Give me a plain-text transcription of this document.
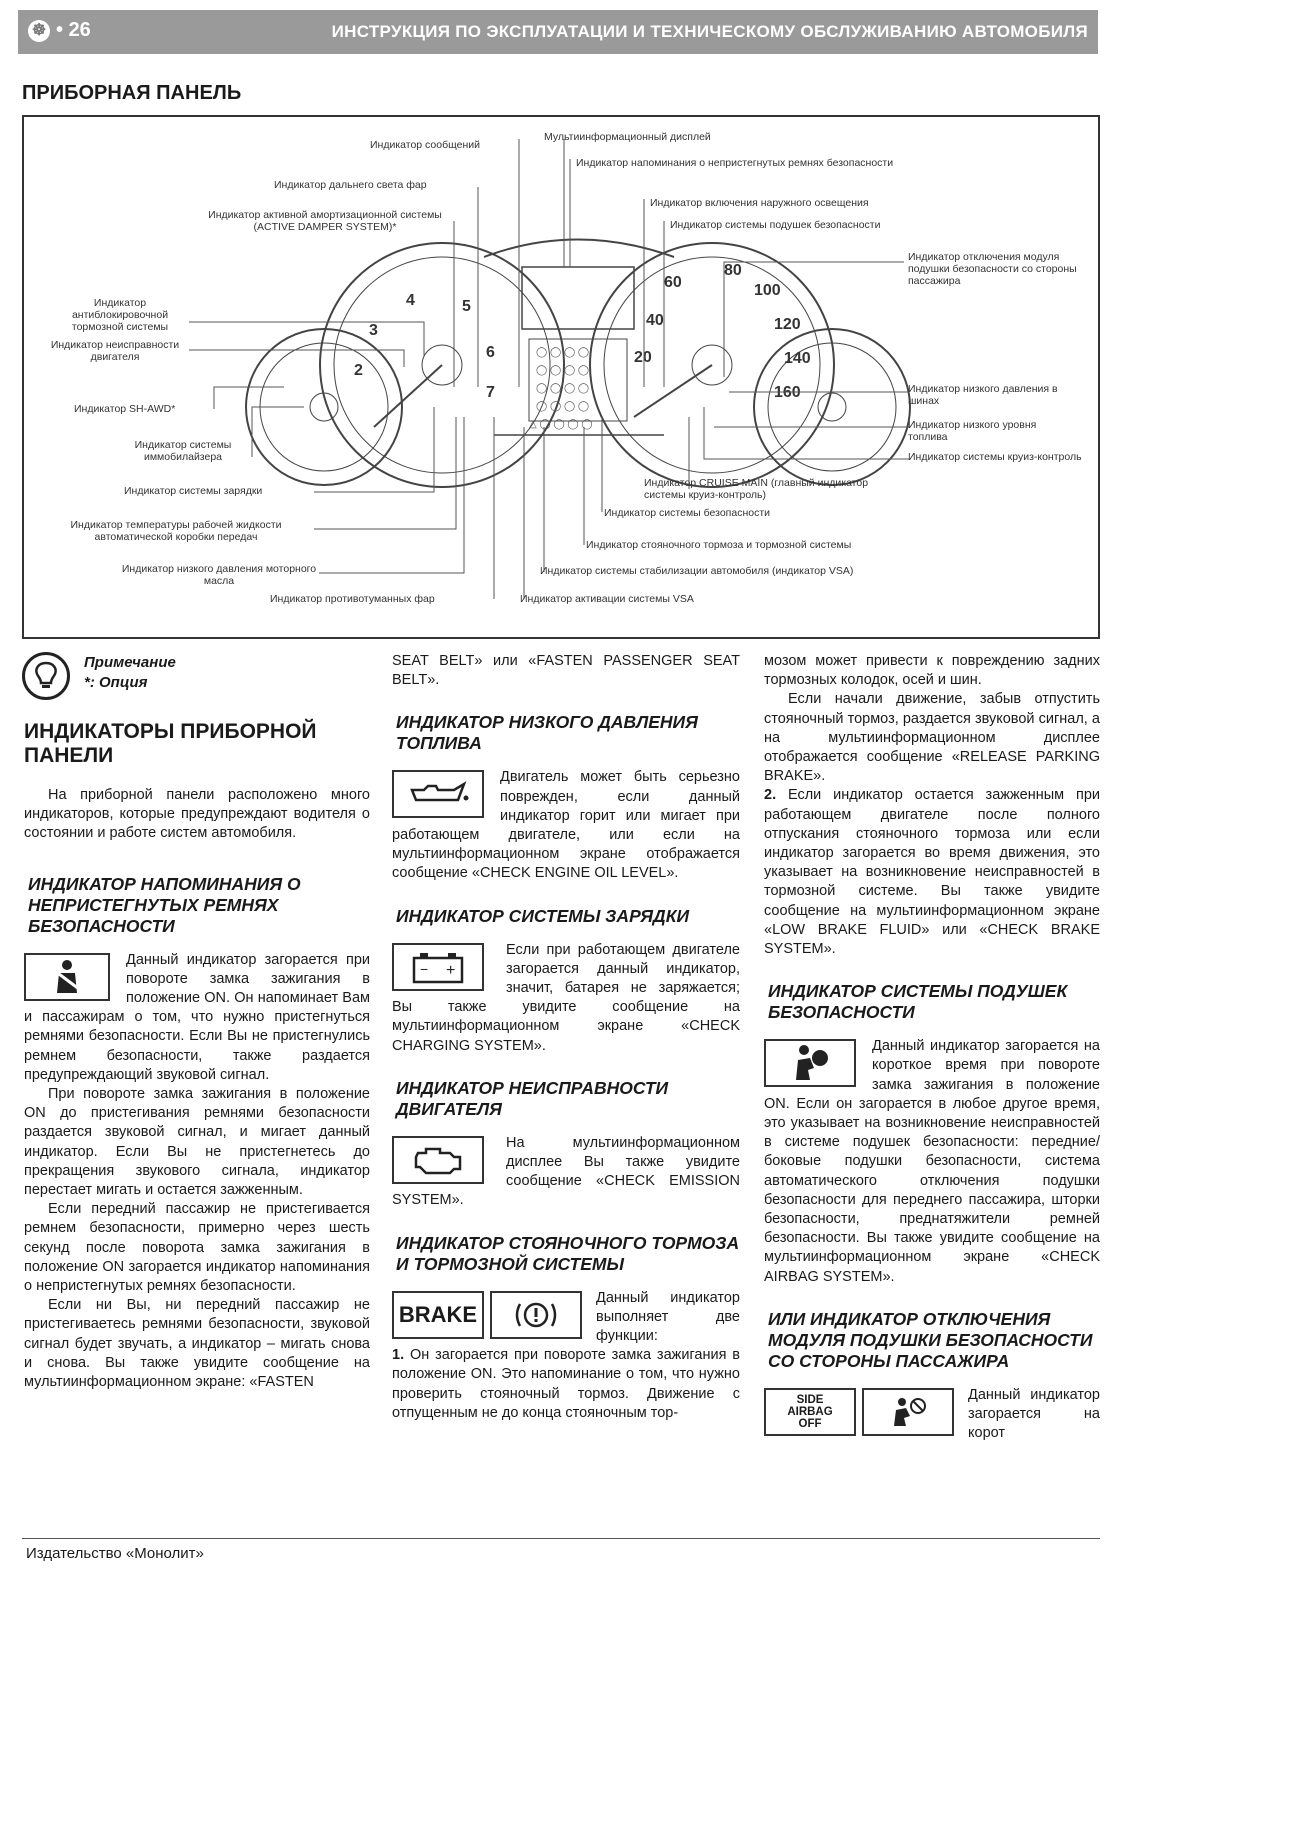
☸ • 26	ИНСТРУКЦИЯ ПО ЭКСПЛУАТАЦИИ И ТЕХНИЧЕСКОМУ ОБСЛУЖИВАНИЮ АВТОМОБИЛЯ
ПРИБОРНАЯ ПАНЕЛЬ
4	5
6
7
3
2
40
60
80
100
120
140
160
20
◯ ◯ ◯ ◯
◯ ◯ ◯ ◯
◯ ◯ ◯ ◯
◯ ◯ ◯ ◯
△ ◯ ◯ ◯ ◯
Индикатор сообщений
Мультиинформационный дисплей
Индикатор напоминания о непристегнутых ремнях безопасности
Индикатор дальнего света фар
Индикатор включения наружного освещения
Индикатор активной амортизационной системы (ACTIVE DAMPER SYSTEM)*	Индикатор системы подушек безопасности
Индикатор отключения модуля подушки безопасности со стороны пассажира
Индикатор антиблокировочной тормозной системы
Индикатор неисправности двигателя
Индикатор SH-AWD*
Индикатор системы иммобилайзера
Индикатор системы зарядки
Индикатор температуры рабочей жидкости автоматической коробки передач
Индикатор низкого давления моторного масла
Индикатор противотуманных фар
Индикатор низкого давления в шинах
Индикатор низкого уровня топлива
Индикатор системы круиз-контроль
Индикатор CRUISE MAIN (главный индикатор системы круиз-контроль)
Индикатор системы безопасности
Индикатор стояночного тормоза и тормозной системы
Индикатор системы стабилизации автомобиля (индикатор VSA)
Индикатор активации системы VSA
Примечание
*: Опция
ИНДИКАТОРЫ ПРИБОРНОЙ ПАНЕЛИ

На приборной панели расположено много индикаторов, которые предупреждают водителя о состоянии и работе систем автомобиля.

ИНДИКАТОР НАПОМИНАНИЯ О НЕПРИСТЕГНУТЫХ РЕМНЯХ БЕЗОПАСНОСТИ

Данный индикатор загорается при повороте замка зажигания в положение ON. Он напоминает Вам и пассажирам о том, что нужно пристегнуться ремнями безопасности. Если Вы не пристегнулись ремнем безопасности, также раздается предупреждающий звуковой сигнал.

При повороте замка зажигания в положение ON до пристегивания ремнями безопасности раздается звуковой сигнал, и мигает данный индикатор. Если Вы не пристегнетесь до прекращения звукового сигнала, индикатор перестает мигать и остается зажженным.

Если передний пассажир не пристегивается ремнем безопасности, примерно через шесть секунд после поворота замка зажигания в положение ON загорается индикатор напоминания о непристегнутых ремнях безопасности.

Если ни Вы, ни передний пассажир не пристегиваетесь ремнями безопасности, звуковой сигнал будет звучать, а индикатор – мигать снова и снова. Вы также увидите сообщение на мультиинформационном экране: «FASTEN

SEAT BELT» или «FASTEN PASSENGER SEAT BELT».

ИНДИКАТОР НИЗКОГО ДАВЛЕНИЯ ТОПЛИВА

Двигатель может быть серьезно поврежден, если данный индикатор горит или мигает при работающем двигателе, или если на мультиинформационном экране отображается сообщение «CHECK ENGINE OIL LEVEL».

ИНДИКАТОР СИСТЕМЫ ЗАРЯДКИ
− +

Если при работающем двигателе загорается данный индикатор, значит, батарея не заряжается; Вы также увидите сообщение на мультиинформационном экране «CHECK CHARGING SYSTEM».

ИНДИКАТОР НЕИСПРАВНОСТИ ДВИГАТЕЛЯ

На мультиинформационном дисплее Вы также увидите сообщение «CHECK EMISSION SYSTEM».

ИНДИКАТОР СТОЯНОЧНОГО ТОРМОЗА И ТОРМОЗНОЙ СИСТЕМЫ
BRAKE

Данный индикатор выполняет две функции:

1. Он загорается при повороте замка зажигания в положение ON. Это напоминание о том, что нужно проверить стояночный тормоз. Движение с отпущенным не до конца стояночным тор-

мозом может привести к повреждению задних тормозных колодок, осей и шин.

Если начали движение, забыв отпустить стояночный тормоз, раздается звуковой сигнал, а на мультиинформационном дисплее отображается сообщение «RELEASE PARKING BRAKE».

2. Если индикатор остается зажженным при работающем двигателе после полного отпускания стояночного тормоза или если индикатор загорается во время движения, это указывает на возникновение неисправностей в тормозной системе. Вы также увидите сообщение на мультиинформационном экране «LOW BRAKE FLUID» или «CHECK BRAKE SYSTEM».

ИНДИКАТОР СИСТЕМЫ ПОДУШЕК БЕЗОПАСНОСТИ

Данный индикатор загорается на короткое время при повороте замка зажигания в положение ON. Если он загорается в любое другое время, это указывает на возникновение неисправностей в системе подушек безопасности: передние/боковые подушки безопасности, система автоматического отключения подушки безопасности для переднего пассажира, шторки безопасности, преднатяжители ремней безопасности. Вы также увидите сообщение на мультиинформационном экране «CHECK AIRBAG SYSTEM».

ИЛИ ИНДИКАТОР ОТКЛЮЧЕНИЯ МОДУЛЯ ПОДУШКИ БЕЗОПАСНОСТИ СО СТОРОНЫ ПАССАЖИРА
SIDE
AIRBAG
OFF

Данный индикатор загорается на корот

Издательство «Монолит»
